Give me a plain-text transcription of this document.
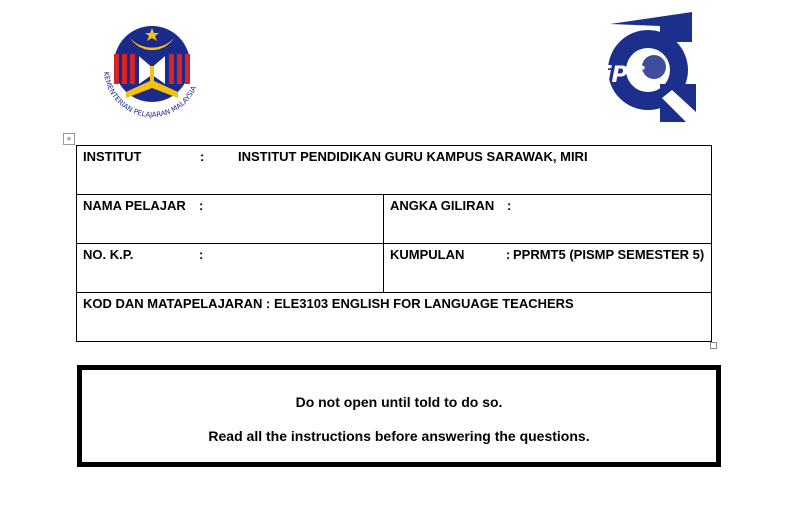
KEMENTERIAN PELAJARAN MALAYSIA
iPG
+
INSTITUT : INSTITUT PENDIDIKAN GURU KAMPUS SARAWAK, MIRI	
NAMA PELAJAR :	ANGKA GILIRAN :
NO. K.P. :	KUMPULAN : PPRMT5 (PISMP SEMESTER 5)
KOD DAN MATAPELAJARAN : ELE3103 ENGLISH FOR LANGUAGE TEACHERS	

Do not open until told to do so.

Read all the instructions before answering the questions.
